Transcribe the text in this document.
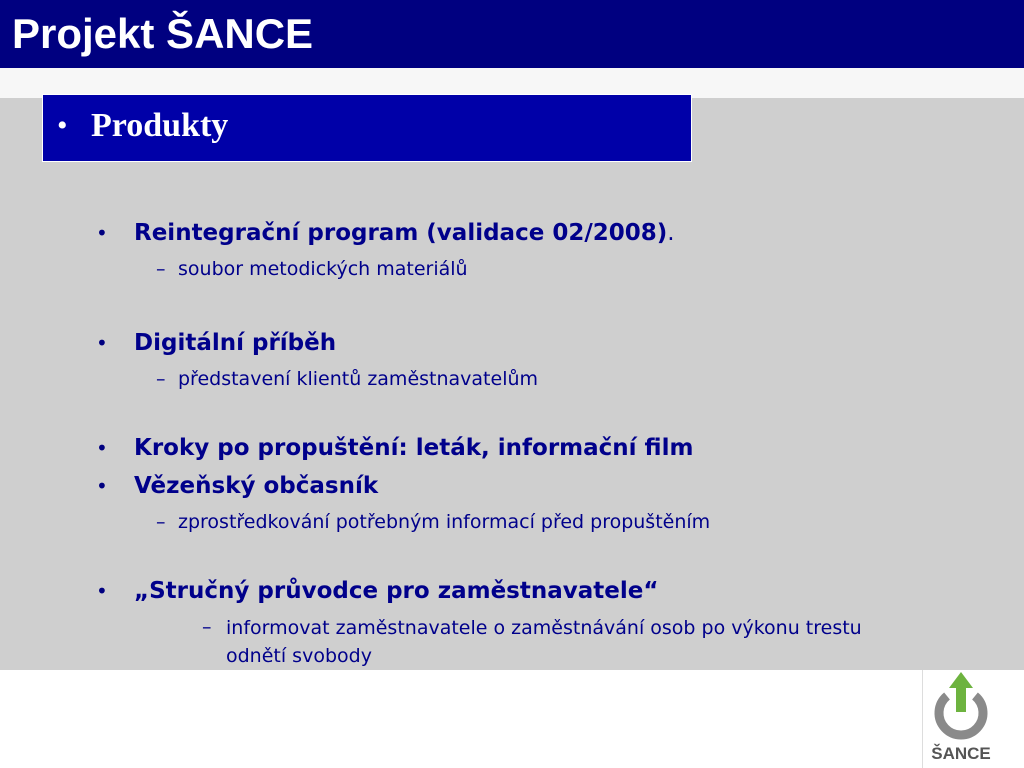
Projekt ŠANCE
• Produkty
• Reintegrační program (validace 02/2008).
– soubor metodických materiálů
• Digitální příběh
– představení klientů zaměstnavatelům
• Kroky po propuštění: leták, informační film
• Vězeňský občasník
– zprostředkování potřebným informací před propuštěním
• „Stručný průvodce pro zaměstnavatele“
– informovat zaměstnavatele o zaměstnávání osob po výkonu trestu odnětí svobody
ŠANCE
